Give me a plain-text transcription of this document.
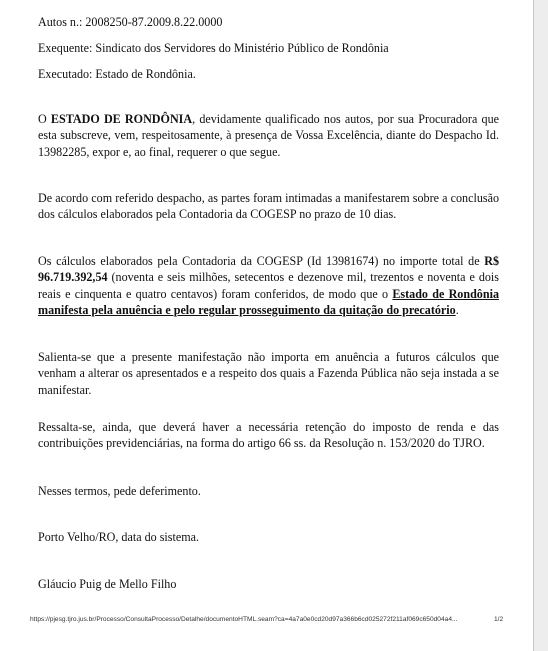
Autos n.: 2008250-87.2009.8.22.0000
Exequente: Sindicato dos Servidores do Ministério Público de Rondônia
Executado: Estado de Rondônia.
O ESTADO DE RONDÔNIA, devidamente qualificado nos autos, por sua Procuradora que esta subscreve, vem, respeitosamente, à presença de Vossa Excelência, diante do Despacho Id. 13982285, expor e, ao final, requerer o que segue.
De acordo com referido despacho, as partes foram intimadas a manifestarem sobre a conclusão dos cálculos elaborados pela Contadoria da COGESP no prazo de 10 dias.
Os cálculos elaborados pela Contadoria da COGESP (Id 13981674) no importe total de R$ 96.719.392,54 (noventa e seis milhões, setecentos e dezenove mil, trezentos e noventa e dois reais e cinquenta e quatro centavos) foram conferidos, de modo que o Estado de Rondônia manifesta pela anuência e pelo regular prosseguimento da quitação do precatório.
Salienta-se que a presente manifestação não importa em anuência a futuros cálculos que venham a alterar os apresentados e a respeito dos quais a Fazenda Pública não seja instada a se manifestar.
Ressalta-se, ainda, que deverá haver a necessária retenção do imposto de renda e das contribuições previdenciárias, na forma do artigo 66 ss. da Resolução n. 153/2020 do TJRO.
Nesses termos, pede deferimento.
Porto Velho/RO, data do sistema.
Gláucio Puig de Mello Filho
https://pjesg.tjro.jus.br/Processo/ConsultaProcesso/Detalhe/documentoHTML.seam?ca=4a7a0e0cd20d97a366b6cd025272f211af069c650d04a4...	1/2
